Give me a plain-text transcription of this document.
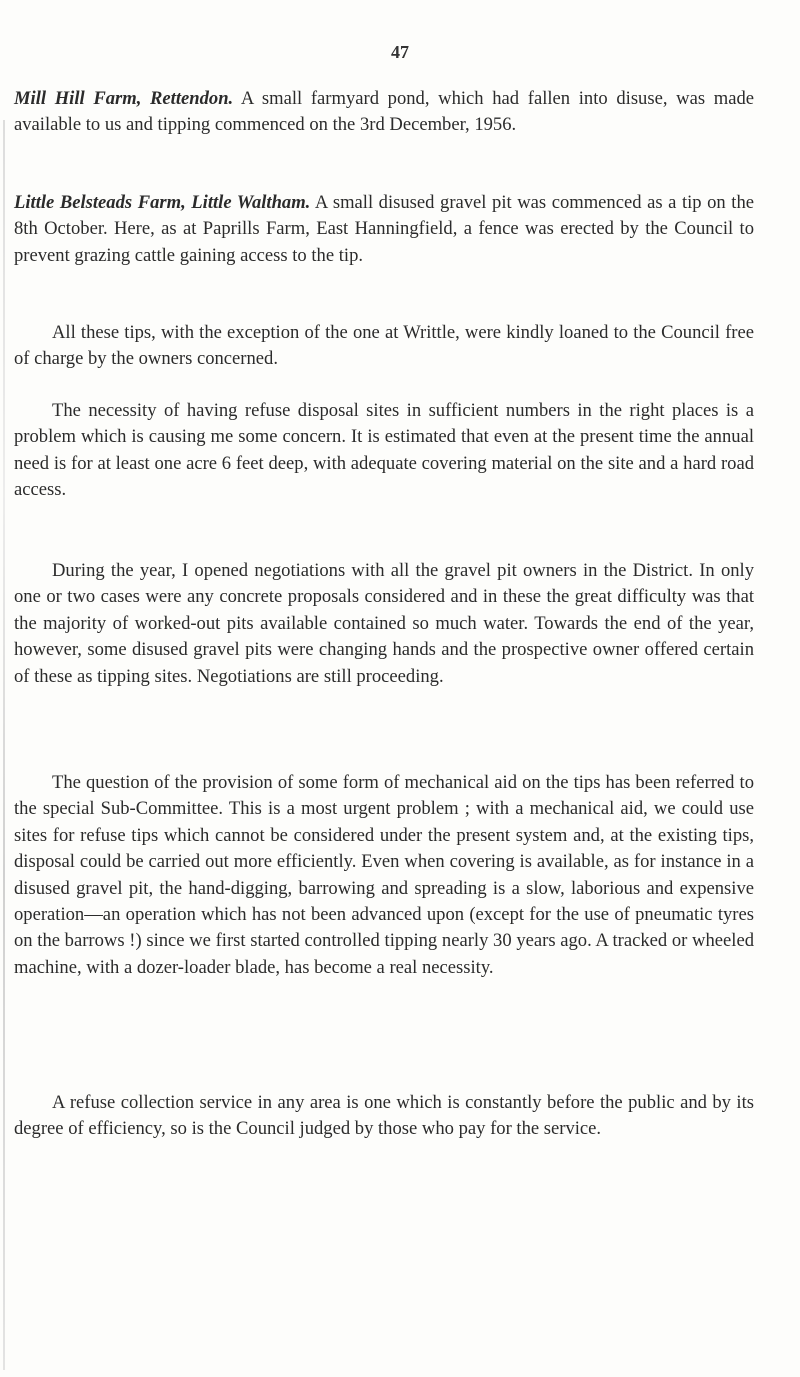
47

Mill Hill Farm, Rettendon. A small farmyard pond, which had fallen into disuse, was made available to us and tipping commenced on the 3rd December, 1956.

Little Belsteads Farm, Little Waltham. A small disused gravel pit was commenced as a tip on the 8th October. Here, as at Paprills Farm, East Hanningfield, a fence was erected by the Council to prevent grazing cattle gaining access to the tip.

All these tips, with the exception of the one at Writtle, were kindly loaned to the Council free of charge by the owners concerned.

The necessity of having refuse disposal sites in sufficient numbers in the right places is a problem which is causing me some concern. It is estimated that even at the present time the annual need is for at least one acre 6 feet deep, with adequate covering material on the site and a hard road access.

During the year, I opened negotiations with all the gravel pit owners in the District. In only one or two cases were any concrete proposals considered and in these the great difficulty was that the majority of worked-out pits available contained so much water. Towards the end of the year, however, some disused gravel pits were changing hands and the prospective owner offered certain of these as tipping sites. Negotiations are still proceeding.

The question of the provision of some form of mechanical aid on the tips has been referred to the special Sub-Committee. This is a most urgent problem ; with a mechanical aid, we could use sites for refuse tips which cannot be considered under the present system and, at the existing tips, disposal could be carried out more efficiently. Even when covering is available, as for instance in a disused gravel pit, the hand-digging, barrowing and spreading is a slow, laborious and expensive operation—an operation which has not been advanced upon (except for the use of pneumatic tyres on the barrows !) since we first started controlled tipping nearly 30 years ago. A tracked or wheeled machine, with a dozer-loader blade, has become a real necessity.

A refuse collection service in any area is one which is constantly before the public and by its degree of efficiency, so is the Council judged by those who pay for the service.
